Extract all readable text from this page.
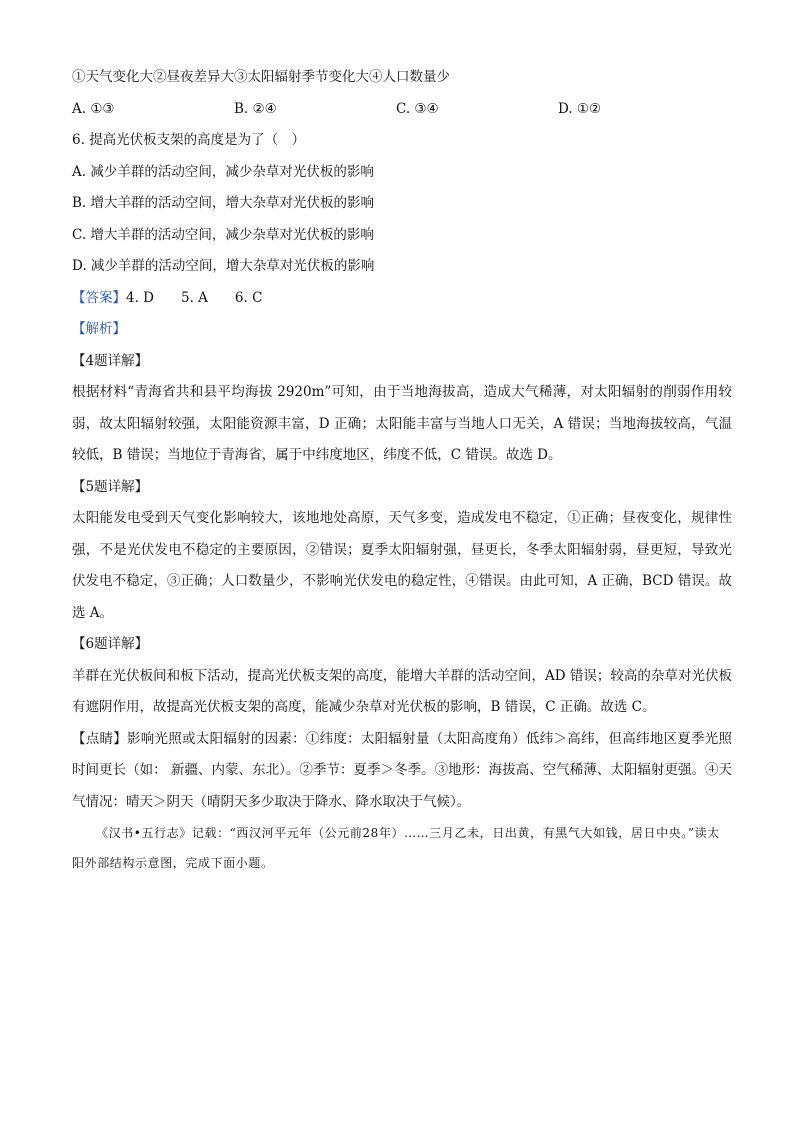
①天气变化大②昼夜差异大③太阳辐射季节变化大④人口数量少
A. ①③	B. ②④	C. ③④	D. ①②
6. 提高光伏板支架的高度是为了（　）
A. 减少羊群的活动空间，减少杂草对光伏板的影响
B. 增大羊群的活动空间，增大杂草对光伏板的影响
C. 增大羊群的活动空间，减少杂草对光伏板的影响
D. 减少羊群的活动空间，增大杂草对光伏板的影响
【答案】4. D　　5. A　　6. C
【解析】
【4题详解】
根据材料“青海省共和县平均海拔 2920m”可知，由于当地海拔高，造成大气稀薄，对太阳辐射的削弱作用较弱，故太阳辐射较强，太阳能资源丰富，D 正确；太阳能丰富与当地人口无关，A 错误；当地海拔较高，气温较低，B 错误；当地位于青海省，属于中纬度地区，纬度不低，C 错误。故选 D。
【5题详解】
太阳能发电受到天气变化影响较大，该地地处高原，天气多变，造成发电不稳定，①正确；昼夜变化，规律性强，不是光伏发电不稳定的主要原因，②错误；夏季太阳辐射强，昼更长，冬季太阳辐射弱，昼更短，导致光伏发电不稳定，③正确；人口数量少，不影响光伏发电的稳定性，④错误。由此可知，A 正确，BCD 错误。故选 A。
【6题详解】
羊群在光伏板间和板下活动，提高光伏板支架的高度，能增大羊群的活动空间，AD 错误；较高的杂草对光伏板有遮阴作用，故提高光伏板支架的高度，能减少杂草对光伏板的影响，B 错误，C 正确。故选 C。
【点睛】影响光照或太阳辐射的因素：①纬度：太阳辐射量（太阳高度角）低纬＞高纬，但高纬地区夏季光照时间更长（如： 新疆、内蒙、东北）。②季节：夏季＞冬季。③地形：海拔高、空气稀薄、太阳辐射更强。④天气情况：晴天＞阴天（晴阴天多少取决于降水、降水取决于气候）。
《汉书•五行志》记载：“西汉河平元年（公元前28年）……三月乙未，日出黄，有黑气大如钱，居日中央。”读太阳外部结构示意图，完成下面小题。
